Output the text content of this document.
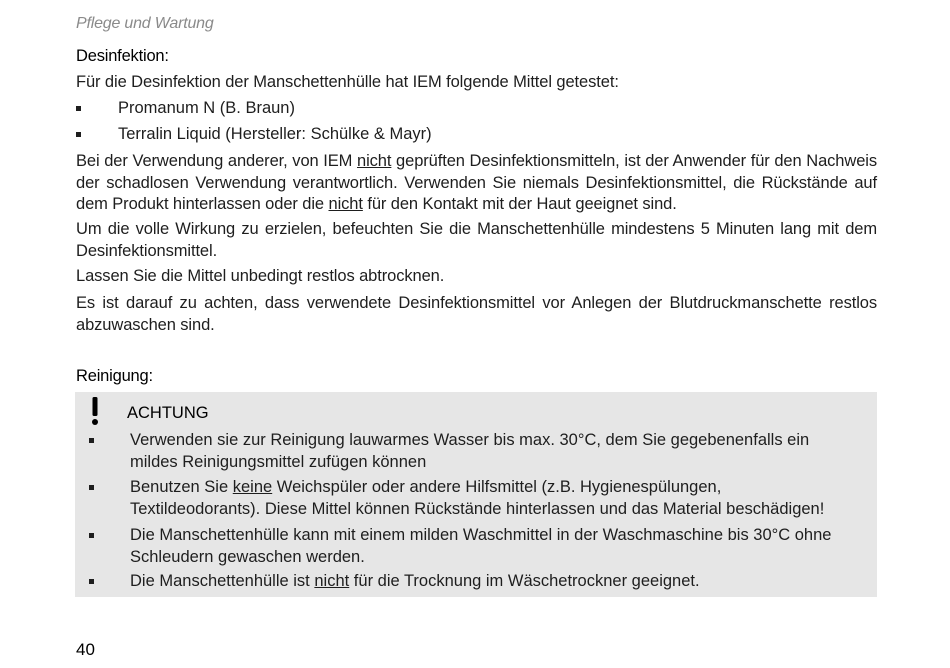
Pflege und Wartung
Desinfektion:
Für die Desinfektion der Manschettenhülle hat IEM folgende Mittel getestet:
Promanum N (B. Braun)
Terralin Liquid (Hersteller: Schülke & Mayr)

Bei der Verwendung anderer, von IEM nicht geprüften Desinfektionsmitteln, ist der Anwender für den Nachweis der schadlosen Verwendung verantwortlich. Verwenden Sie niemals Desinfektionsmittel, die Rückstände auf dem Produkt hinterlassen oder die nicht für den Kontakt mit der Haut geeignet sind.

Um die volle Wirkung zu erzielen, befeuchten Sie die Manschettenhülle mindestens 5 Minuten lang mit dem Desinfektionsmittel.

Lassen Sie die Mittel unbedingt restlos abtrocknen.

Es ist darauf zu achten, dass verwendete Desinfektionsmittel vor Anlegen der Blutdruckmanschette restlos abzuwaschen sind.

Reinigung:
ACHTUNG
Verwenden sie zur Reinigung lauwarmes Wasser bis max. 30°C, dem Sie gegebenenfalls ein mildes Reinigungsmittel zufügen können
Benutzen Sie keine Weichspüler oder andere Hilfsmittel (z.B. Hygienespülungen, Textildeodorants). Diese Mittel können Rückstände hinterlassen und das Material beschädigen!
Die Manschettenhülle kann mit einem milden Waschmittel in der Waschmaschine bis 30°C ohne Schleudern gewaschen werden.
Die Manschettenhülle ist nicht für die Trocknung im Wäschetrockner geeignet.
40
